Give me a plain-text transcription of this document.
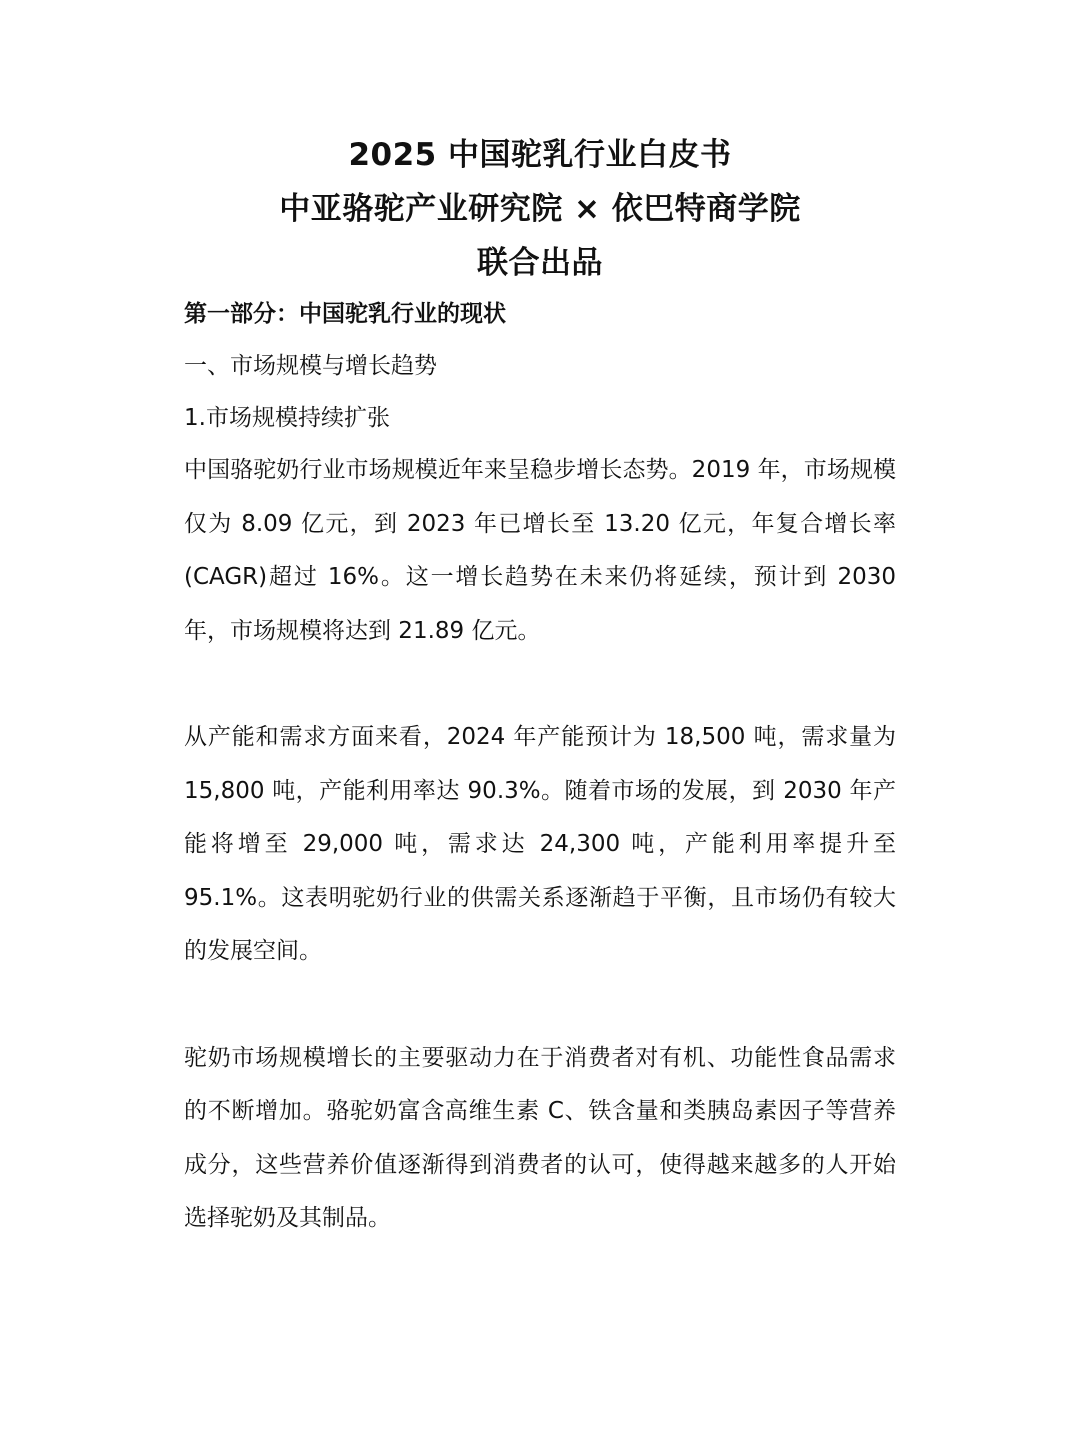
2025 中国驼乳行业白皮书
中亚骆驼产业研究院 × 依巴特商学院
联合出品
第一部分：中国驼乳行业的现状
一、市场规模与增长趋势
1.市场规模持续扩张

中国骆驼奶行业市场规模近年来呈稳步增长态势。2019 年，市场规模仅为 8.09 亿元，到 2023 年已增长至 13.20 亿元，年复合增长率(CAGR)超过 16%。这一增长趋势在未来仍将延续，预计到 2030 年，市场规模将达到 21.89 亿元。

从产能和需求方面来看，2024 年产能预计为 18,500 吨，需求量为 15,800 吨，产能利用率达 90.3%。随着市场的发展，到 2030 年产能将增至 29,000 吨，需求达 24,300 吨，产能利用率提升至 95.1%。这表明驼奶行业的供需关系逐渐趋于平衡，且市场仍有较大的发展空间。

驼奶市场规模增长的主要驱动力在于消费者对有机、功能性食品需求的不断增加。骆驼奶富含高维生素 C、铁含量和类胰岛素因子等营养成分，这些营养价值逐渐得到消费者的认可，使得越来越多的人开始选择驼奶及其制品。
